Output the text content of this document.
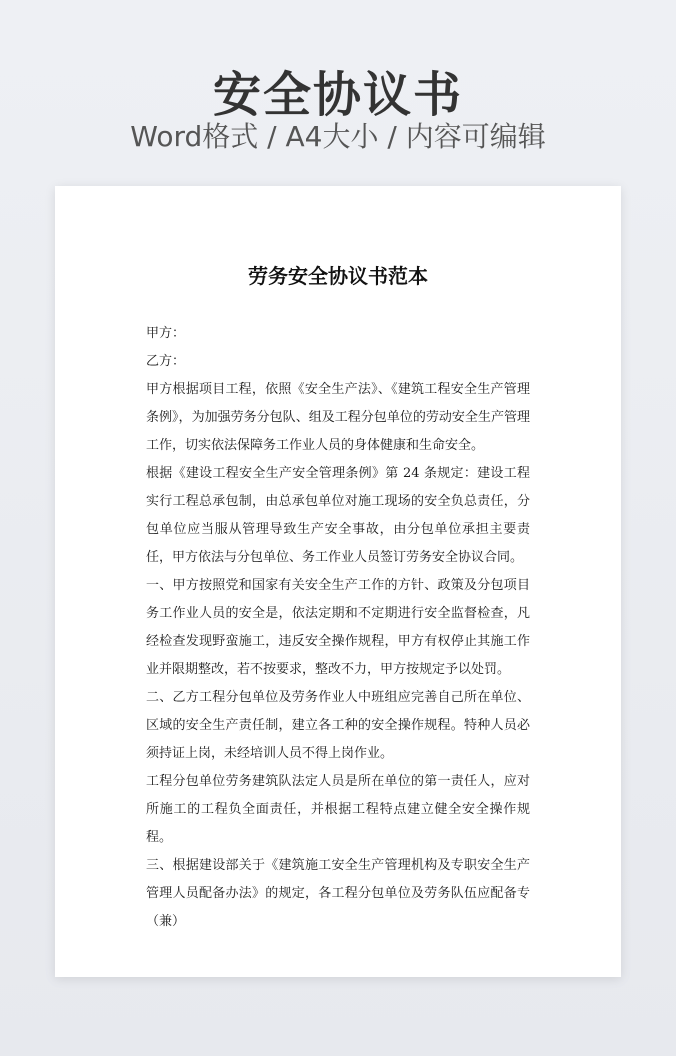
安全协议书
Word格式 / A4大小 / 内容可编辑
劳务安全协议书范本

甲方：

乙方：

甲方根据项目工程，依照《安全生产法》、《建筑工程安全生产管理条例》，为加强劳务分包队、组及工程分包单位的劳动安全生产管理工作，切实依法保障务工作业人员的身体健康和生命安全。

根据《建设工程安全生产安全管理条例》第 24 条规定：建设工程实行工程总承包制，由总承包单位对施工现场的安全负总责任，分包单位应当服从管理导致生产安全事故，由分包单位承担主要责任，甲方依法与分包单位、务工作业人员签订劳务安全协议合同。

一、甲方按照党和国家有关安全生产工作的方针、政策及分包项目务工作业人员的安全是，依法定期和不定期进行安全监督检查，凡经检查发现野蛮施工，违反安全操作规程，甲方有权停止其施工作业并限期整改，若不按要求，整改不力，甲方按规定予以处罚。

二、乙方工程分包单位及劳务作业人中班组应完善自己所在单位、区域的安全生产责任制，建立各工种的安全操作规程。特种人员必须持证上岗，未经培训人员不得上岗作业。

工程分包单位劳务建筑队法定人员是所在单位的第一责任人，应对所施工的工程负全面责任，并根据工程特点建立健全安全操作规程。

三、根据建设部关于《建筑施工安全生产管理机构及专职安全生产管理人员配备办法》的规定，各工程分包单位及劳务队伍应配备专（兼）
